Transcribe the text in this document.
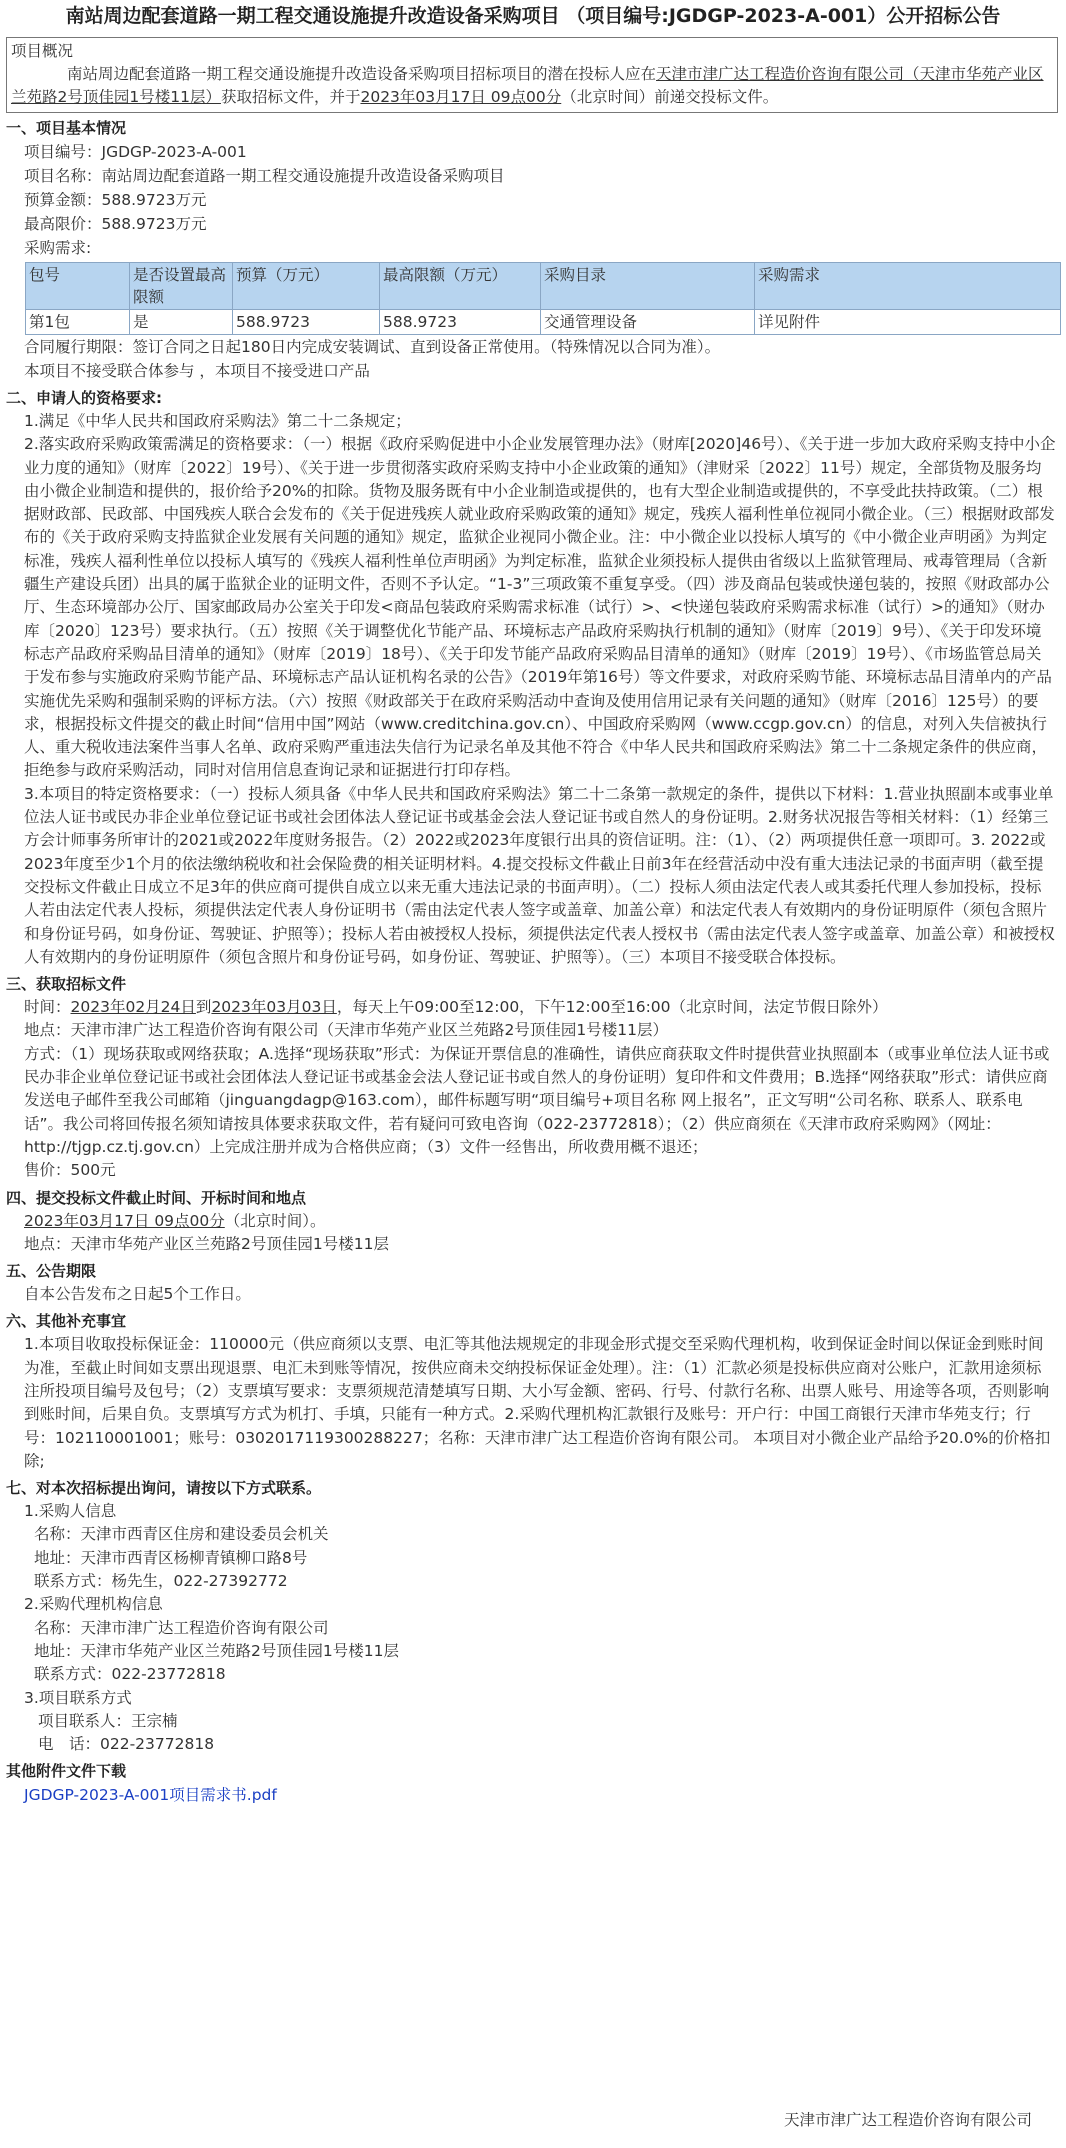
南站周边配套道路一期工程交通设施提升改造设备采购项目 （项目编号:JGDGP-2023-A-001）公开招标公告
项目概况
南站周边配套道路一期工程交通设施提升改造设备采购项目招标项目的潜在投标人应在天津市津广达工程造价咨询有限公司（天津市华苑产业区兰苑路2号顶佳园1号楼11层）获取招标文件，并于2023年03月17日 09点00分（北京时间）前递交投标文件。
一、项目基本情况
项目编号：JGDGP-2023-A-001
项目名称：南站周边配套道路一期工程交通设施提升改造设备采购项目
预算金额：588.9723万元
最高限价：588.9723万元
采购需求:
包号	是否设置最高限额	预算（万元）	最高限额（万元）	采购目录	采购需求
第1包	是	588.9723	588.9723	交通管理设备	详见附件
合同履行期限：签订合同之日起180日内完成安装调试、直到设备正常使用。（特殊情况以合同为准）。
本项目不接受联合体参与 ，本项目不接受进口产品
二、申请人的资格要求:
1.满足《中华人民共和国政府采购法》第二十二条规定；
2.落实政府采购政策需满足的资格要求：（一）根据《政府采购促进中小企业发展管理办法》（财库[2020]46号）、《关于进一步加大政府采购支持中小企业力度的通知》（财库〔2022〕19号）、《关于进一步贯彻落实政府采购支持中小企业政策的通知》（津财采〔2022〕11号）规定，全部货物及服务均由小微企业制造和提供的，报价给予20%的扣除。货物及服务既有中小企业制造或提供的，也有大型企业制造或提供的，不享受此扶持政策。（二）根据财政部、民政部、中国残疾人联合会发布的《关于促进残疾人就业政府采购政策的通知》规定，残疾人福利性单位视同小微企业。（三）根据财政部发布的《关于政府采购支持监狱企业发展有关问题的通知》规定，监狱企业视同小微企业。注：中小微企业以投标人填写的《中小微企业声明函》为判定标准，残疾人福利性单位以投标人填写的《残疾人福利性单位声明函》为判定标准，监狱企业须投标人提供由省级以上监狱管理局、戒毒管理局（含新疆生产建设兵团）出具的属于监狱企业的证明文件，否则不予认定。“1-3”三项政策不重复享受。（四）涉及商品包装或快递包装的，按照《财政部办公厅、生态环境部办公厅、国家邮政局办公室关于印发<商品包装政府采购需求标准（试行）>、<快递包装政府采购需求标准（试行）>的通知》（财办库〔2020〕123号）要求执行。（五）按照《关于调整优化节能产品、环境标志产品政府采购执行机制的通知》（财库〔2019〕9号）、《关于印发环境标志产品政府采购品目清单的通知》（财库〔2019〕18号）、《关于印发节能产品政府采购品目清单的通知》（财库〔2019〕19号）、《市场监管总局关于发布参与实施政府采购节能产品、环境标志产品认证机构名录的公告》（2019年第16号）等文件要求，对政府采购节能、环境标志品目清单内的产品实施优先采购和强制采购的评标方法。（六）按照《财政部关于在政府采购活动中查询及使用信用记录有关问题的通知》（财库〔2016〕125号）的要求，根据投标文件提交的截止时间“信用中国”网站（www.creditchina.gov.cn）、中国政府采购网（www.ccgp.gov.cn）的信息，对列入失信被执行人、重大税收违法案件当事人名单、政府采购严重违法失信行为记录名单及其他不符合《中华人民共和国政府采购法》第二十二条规定条件的供应商，拒绝参与政府采购活动，同时对信用信息查询记录和证据进行打印存档。
3.本项目的特定资格要求：（一）投标人须具备《中华人民共和国政府采购法》第二十二条第一款规定的条件，提供以下材料：1.营业执照副本或事业单位法人证书或民办非企业单位登记证书或社会团体法人登记证书或基金会法人登记证书或自然人的身份证明。2.财务状况报告等相关材料：（1）经第三方会计师事务所审计的2021或2022年度财务报告。（2）2022或2023年度银行出具的资信证明。注：（1）、（2）两项提供任意一项即可。3. 2022或2023年度至少1个月的依法缴纳税收和社会保险费的相关证明材料。4.提交投标文件截止日前3年在经营活动中没有重大违法记录的书面声明（截至提交投标文件截止日成立不足3年的供应商可提供自成立以来无重大违法记录的书面声明）。（二）投标人须由法定代表人或其委托代理人参加投标，投标人若由法定代表人投标，须提供法定代表人身份证明书（需由法定代表人签字或盖章、加盖公章）和法定代表人有效期内的身份证明原件（须包含照片和身份证号码，如身份证、驾驶证、护照等）；投标人若由被授权人投标，须提供法定代表人授权书（需由法定代表人签字或盖章、加盖公章）和被授权人有效期内的身份证明原件（须包含照片和身份证号码，如身份证、驾驶证、护照等）。（三）本项目不接受联合体投标。
三、获取招标文件
时间：2023年02月24日到2023年03月03日，每天上午09:00至12:00，下午12:00至16:00（北京时间，法定节假日除外）
地点：天津市津广达工程造价咨询有限公司（天津市华苑产业区兰苑路2号顶佳园1号楼11层）
方式：（1）现场获取或网络获取；A.选择“现场获取”形式：为保证开票信息的准确性，请供应商获取文件时提供营业执照副本（或事业单位法人证书或民办非企业单位登记证书或社会团体法人登记证书或基金会法人登记证书或自然人的身份证明）复印件和文件费用；B.选择“网络获取”形式：请供应商发送电子邮件至我公司邮箱（jinguangdagp@163.com），邮件标题写明“项目编号+项目名称 网上报名”，正文写明“公司名称、联系人、联系电话”。我公司将回传报名须知请按具体要求获取文件，若有疑问可致电咨询（022-23772818）；（2）供应商须在《天津市政府采购网》（网址：http://tjgp.cz.tj.gov.cn）上完成注册并成为合格供应商；（3）文件一经售出，所收费用概不退还；
售价：500元
四、提交投标文件截止时间、开标时间和地点
2023年03月17日 09点00分（北京时间）。
地点：天津市华苑产业区兰苑路2号顶佳园1号楼11层
五、公告期限
自本公告发布之日起5个工作日。
六、其他补充事宜
1.本项目收取投标保证金：110000元（供应商须以支票、电汇等其他法规规定的非现金形式提交至采购代理机构，收到保证金时间以保证金到账时间为准，至截止时间如支票出现退票、电汇未到账等情况，按供应商未交纳投标保证金处理）。注：（1）汇款必须是投标供应商对公账户，汇款用途须标注所投项目编号及包号；（2）支票填写要求：支票须规范清楚填写日期、大小写金额、密码、行号、付款行名称、出票人账号、用途等各项，否则影响到账时间，后果自负。支票填写方式为机打、手填，只能有一种方式。2.采购代理机构汇款银行及账号：开户行：中国工商银行天津市华苑支行；行号：102110001001；账号：0302017119300288227；名称：天津市津广达工程造价咨询有限公司。 本项目对小微企业产品给予20.0%的价格扣除;
七、对本次招标提出询问，请按以下方式联系。
1.采购人信息
名称：天津市西青区住房和建设委员会机关
地址：天津市西青区杨柳青镇柳口路8号
联系方式：杨先生，022-27392772
2.采购代理机构信息
名称：天津市津广达工程造价咨询有限公司
地址：天津市华苑产业区兰苑路2号顶佳园1号楼11层
联系方式：022-23772818
3.项目联系方式
项目联系人：王宗楠
电　话：022-23772818
其他附件文件下载
JGDGP-2023-A-001项目需求书.pdf
天津市津广达工程造价咨询有限公司
